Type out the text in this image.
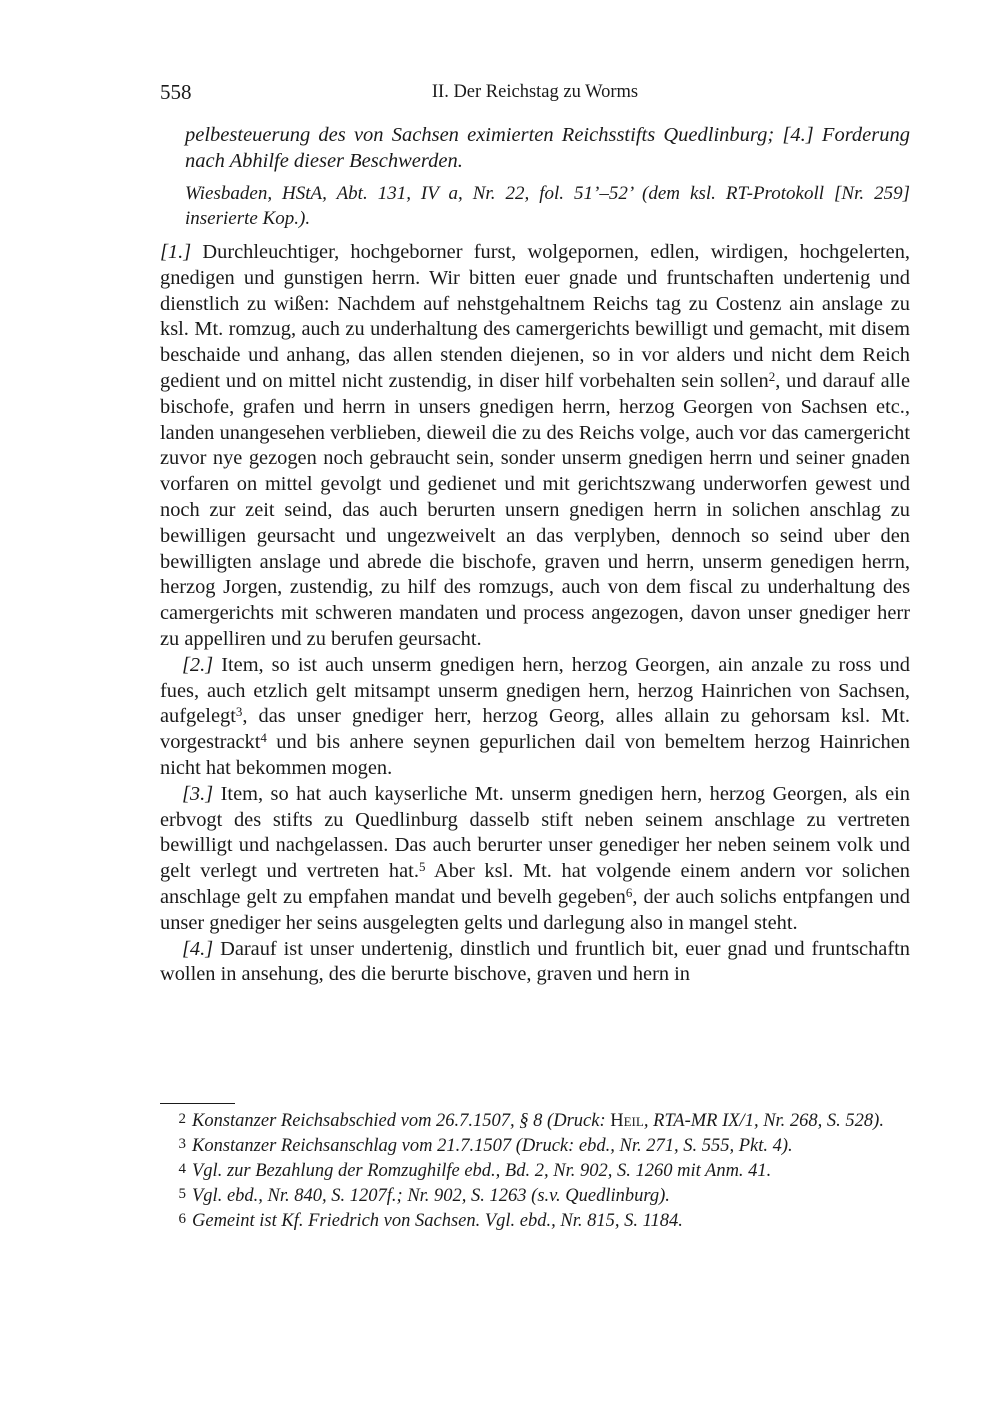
558	II. Der Reichstag zu Worms
pelbesteuerung des von Sachsen eximierten Reichsstifts Quedlinburg; [4.] Forderung nach Abhilfe dieser Beschwerden.
Wiesbaden, HStA, Abt. 131, IV a, Nr. 22, fol. 51’–52’ (dem ksl. RT-Protokoll [Nr. 259] inserierte Kop.).

[1.] Durchleuchtiger, hochgeborner furst, wolgepornen, edlen, wirdigen, hochgelerten, gnedigen und gunstigen herrn. Wir bitten euer gnade und fruntschaften undertenig und dienstlich zu wißen: Nachdem auf nehstgehaltnem Reichs tag zu Costenz ain anslage zu ksl. Mt. romzug, auch zu underhaltung des camergerichts bewilligt und gemacht, mit disem beschaide und anhang, das allen stenden diejenen, so in vor alders und nicht dem Reich gedient und on mittel nicht zustendig, in diser hilf vorbehalten sein sollen$^2$, und darauf alle bischofe, grafen und herrn in unsers gnedigen herrn, herzog Georgen von Sachsen etc., landen unangesehen verblieben, dieweil die zu des Reichs volge, auch vor das camergericht zuvor nye gezogen noch gebraucht sein, sonder unserm gnedigen herrn und seiner gnaden vorfaren on mittel gevolgt und gedienet und mit gerichtszwang underworfen gewest und noch zur zeit seind, das auch berurten unsern gnedigen herrn in solichen anschlag zu bewilligen geursacht und ungezweivelt an das verplyben, dennoch so seind uber den bewilligten anslage und abrede die bischofe, graven und herrn, unserm genedigen herrn, herzog Jorgen, zustendig, zu hilf des romzugs, auch von dem fiscal zu underhaltung des camergerichts mit schweren mandaten und process angezogen, davon unser gnediger herr zu appelliren und zu berufen geursacht.

[2.] Item, so ist auch unserm gnedigen hern, herzog Georgen, ain anzale zu ross und fues, auch etzlich gelt mitsampt unserm gnedigen hern, herzog Hainrichen von Sachsen, aufgelegt$^3$, das unser gnediger herr, herzog Georg, alles allain zu gehorsam ksl. Mt. vorgestrackt$^4$ und bis anhere seynen gepurlichen dail von bemeltem herzog Hainrichen nicht hat bekommen mogen.

[3.] Item, so hat auch kayserliche Mt. unserm gnedigen hern, herzog Georgen, als ein erbvogt des stifts zu Quedlinburg dasselb stift neben seinem anschlage zu vertreten bewilligt und nachgelassen. Das auch berurter unser genediger her neben seinem volk und gelt verlegt und vertreten hat.$^5$ Aber ksl. Mt. hat volgende einem andern vor solichen anschlage gelt zu empfahen mandat und bevelh gegeben$^6$, der auch solichs entpfangen und unser gnediger her seins ausgelegten gelts und darlegung also in mangel steht.

[4.] Darauf ist unser undertenig, dinstlich und fruntlich bit, euer gnad und fruntschaftn wollen in ansehung, des die berurte bischove, graven und hern in

2 Konstanzer Reichsabschied vom 26.7.1507, § 8 (Druck: Heil, RTA-MR IX/1, Nr. 268, S. 528).

3 Konstanzer Reichsanschlag vom 21.7.1507 (Druck: ebd., Nr. 271, S. 555, Pkt. 4).

4 Vgl. zur Bezahlung der Romzughilfe ebd., Bd. 2, Nr. 902, S. 1260 mit Anm. 41.

5 Vgl. ebd., Nr. 840, S. 1207f.; Nr. 902, S. 1263 (s.v. Quedlinburg).

6 Gemeint ist Kf. Friedrich von Sachsen. Vgl. ebd., Nr. 815, S. 1184.
